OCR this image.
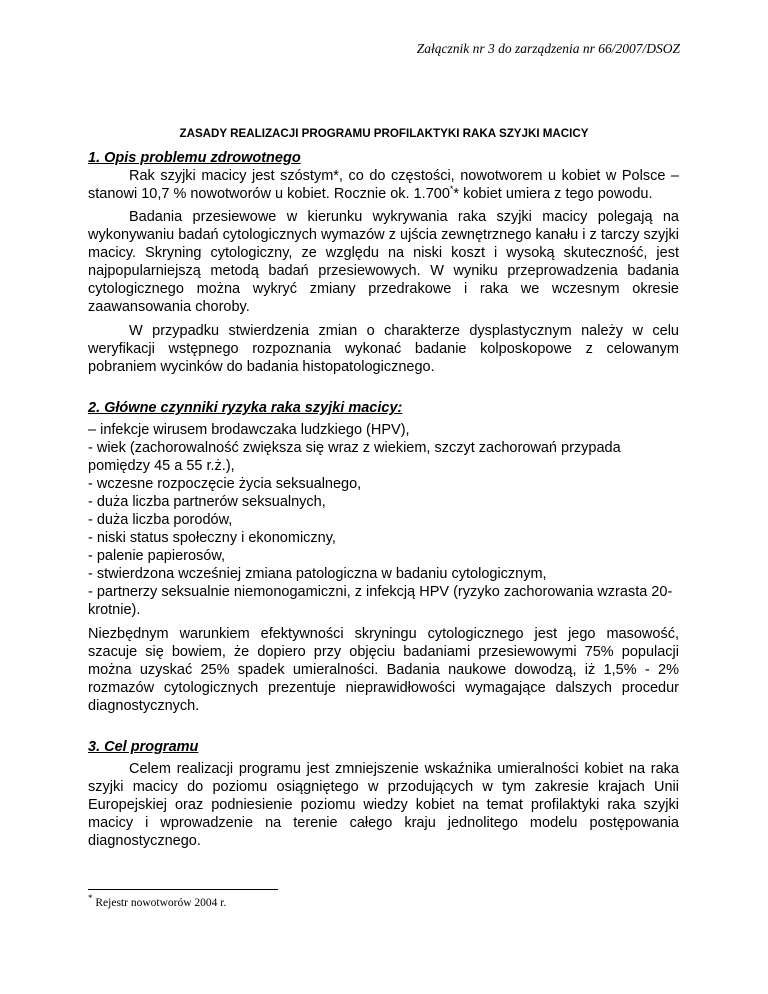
Załącznik nr 3 do zarządzenia nr 66/2007/DSOZ
ZASADY REALIZACJI PROGRAMU PROFILAKTYKI RAKA SZYJKI MACICY
1. Opis problemu zdrowotnego

Rak szyjki macicy jest szóstym*, co do częstości, nowotworem u kobiet w Polsce – stanowi 10,7 % nowotworów u kobiet. Rocznie ok. 1.700** kobiet umiera z tego powodu.

Badania przesiewowe w kierunku wykrywania raka szyjki macicy polegają na wykonywaniu badań cytologicznych wymazów z ujścia zewnętrznego kanału i z tarczy szyjki macicy. Skryning cytologiczny, ze względu na niski koszt i wysoką skuteczność, jest najpopularniejszą metodą badań przesiewowych. W wyniku przeprowadzenia badania cytologicznego można wykryć zmiany przedrakowe i raka we wczesnym okresie zaawansowania choroby.

W przypadku stwierdzenia zmian o charakterze dysplastycznym należy w celu weryfikacji wstępnego rozpoznania wykonać badanie kolposkopowe z celowanym pobraniem wycinków do badania histopatologicznego.

2. Główne czynniki ryzyka raka szyjki macicy:
– infekcje wirusem brodawczaka ludzkiego (HPV),
- wiek (zachorowalność zwiększa się wraz z wiekiem, szczyt zachorowań przypada pomiędzy 45 a 55 r.ż.),
- wczesne rozpoczęcie życia seksualnego,
- duża liczba partnerów seksualnych,
- duża liczba porodów,
- niski status społeczny i ekonomiczny,
- palenie papierosów,
- stwierdzona wcześniej zmiana patologiczna w badaniu cytologicznym,
- partnerzy seksualnie niemonogamiczni, z infekcją HPV (ryzyko zachorowania wzrasta 20-krotnie).

Niezbędnym warunkiem efektywności skryningu cytologicznego jest jego masowość, szacuje się bowiem, że dopiero przy objęciu badaniami przesiewowymi 75% populacji można uzyskać 25% spadek umieralności. Badania naukowe dowodzą, iż 1,5% - 2% rozmazów cytologicznych prezentuje nieprawidłowości wymagające dalszych procedur diagnostycznych.

3. Cel programu

Celem realizacji programu jest zmniejszenie wskaźnika umieralności kobiet na raka szyjki macicy do poziomu osiągniętego w przodujących w tym zakresie krajach Unii Europejskiej oraz podniesienie poziomu wiedzy kobiet na temat profilaktyki raka szyjki macicy i wprowadzenie na terenie całego kraju jednolitego modelu postępowania diagnostycznego.

* Rejestr nowotworów 2004 r.
